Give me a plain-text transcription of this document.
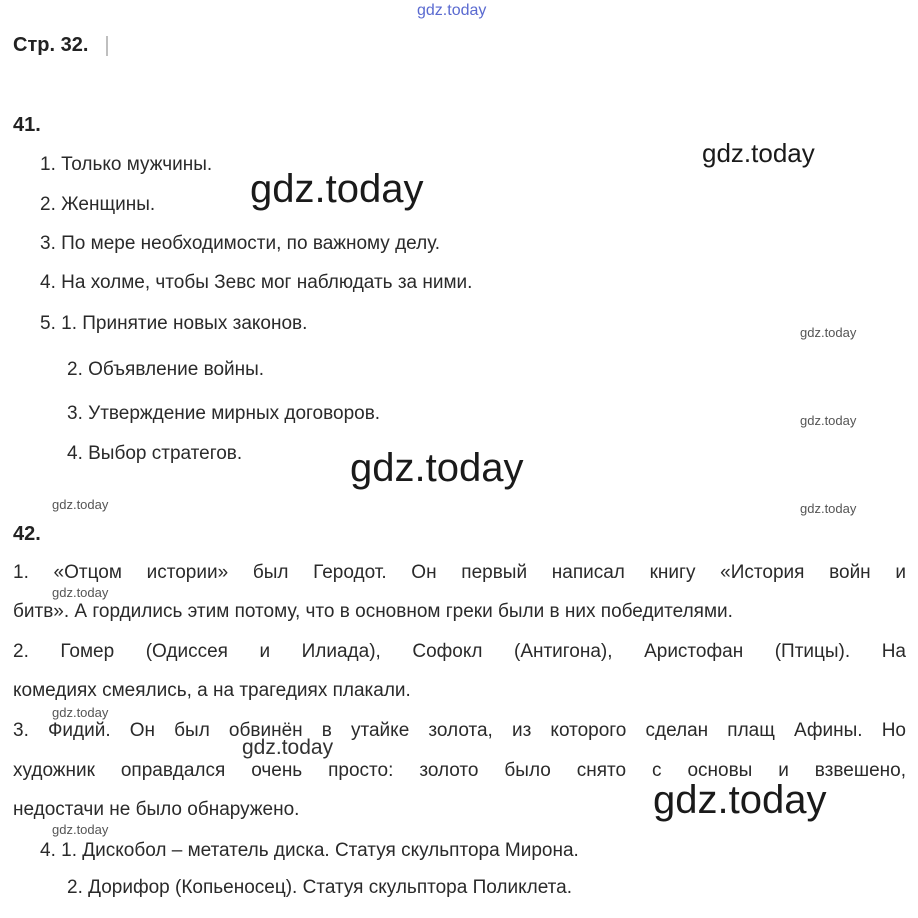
gdz.today
Стр. 32.
41.
1. Только мужчины.
2. Женщины.
3. По мере необходимости, по важному делу.
4. На холме, чтобы Зевс мог наблюдать за ними.
5. 1. Принятие новых законов.
2. Объявление войны.
3. Утверждение мирных договоров.
4. Выбор стратегов.
42.
1. «Отцом истории» был Геродот. Он первый написал книгу «История войн и
битв». А гордились этим потому, что в основном греки были в них победителями.
2. Гомер (Одиссея и Илиада), Софокл (Антигона), Аристофан (Птицы). На
комедиях смеялись, а на трагедиях плакали.
3. Фидий. Он был обвинён в утайке золота, из которого сделан плащ Афины. Но
художник оправдался очень просто: золото было снято с основы и взвешено,
недостачи не было обнаружено.
4. 1. Дискобол – метатель диска. Статуя скульптора Мирона.
2. Дорифор (Копьеносец). Статуя скульптора Поликлета.
gdz.today
gdz.today
gdz.today
gdz.today
gdz.today
gdz.today	gdz.today
gdz.today
gdz.today
gdz.today
gdz.today
gdz.today
